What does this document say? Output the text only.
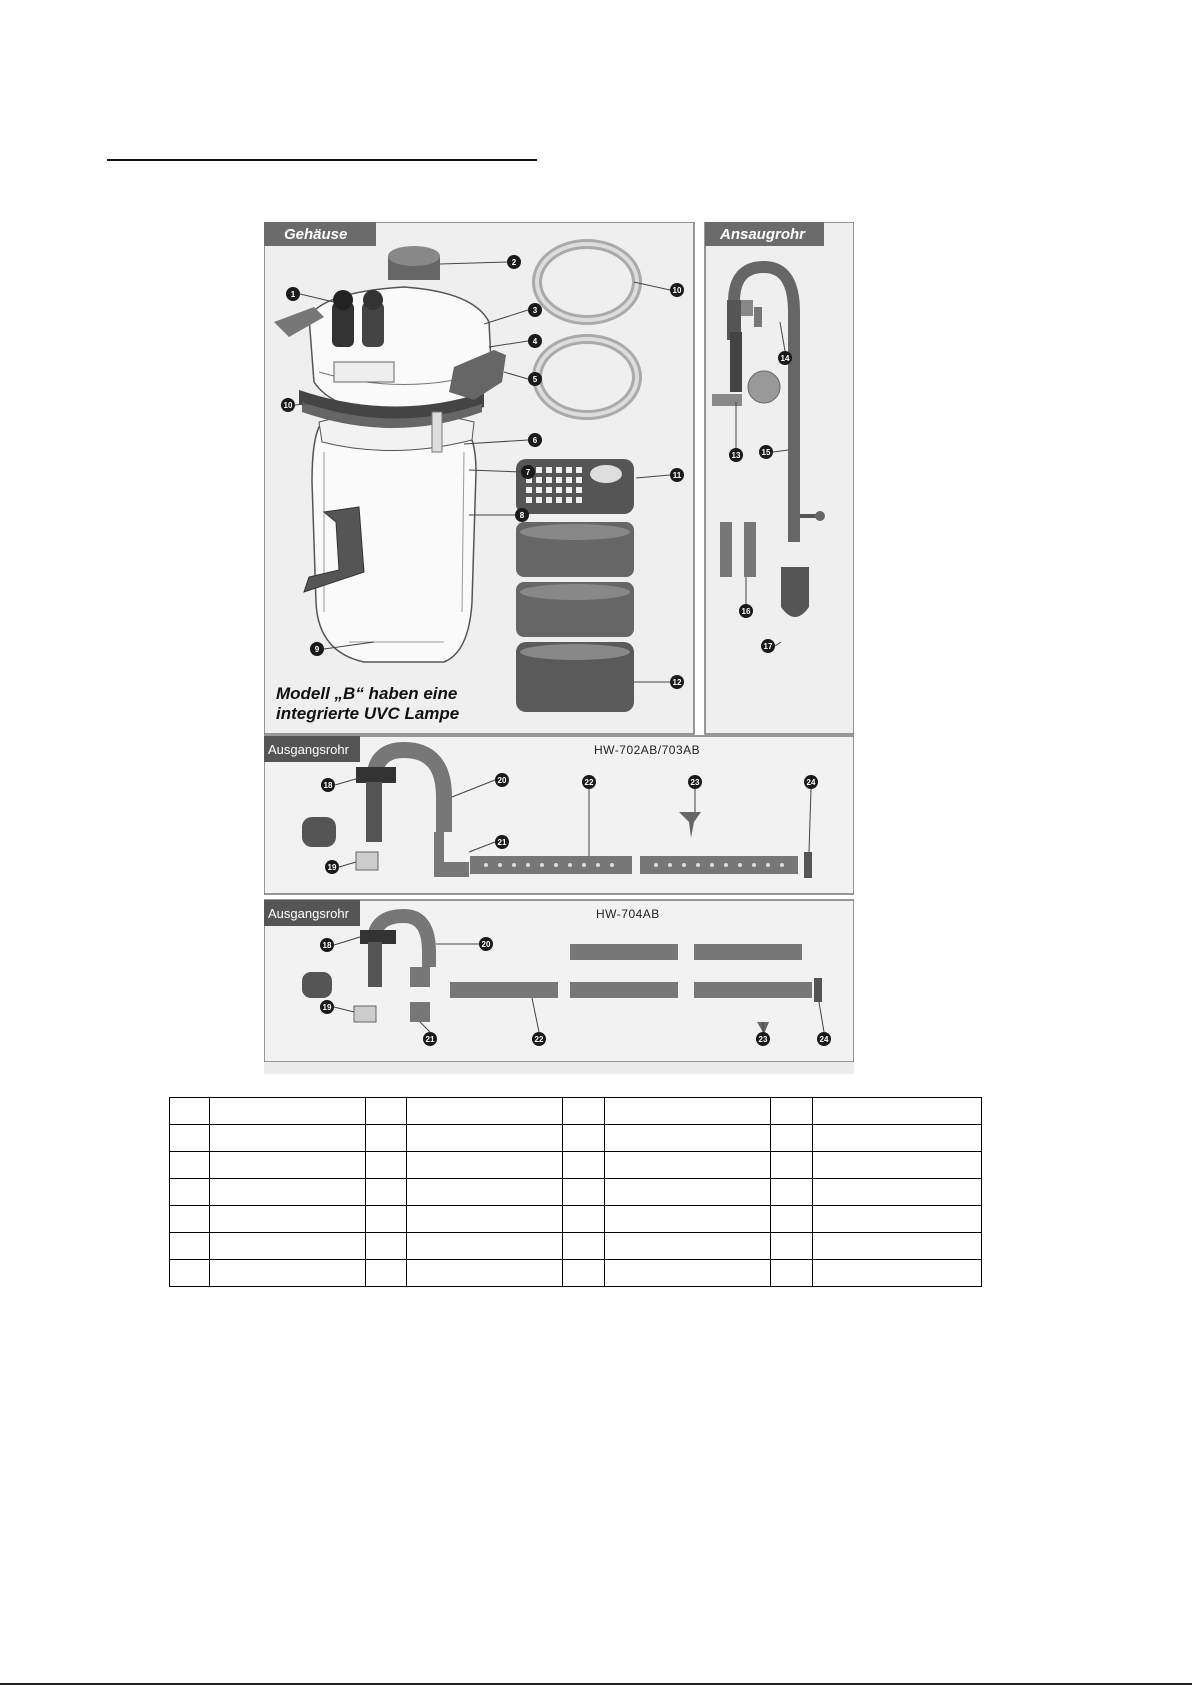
Gehäuse	Ansaugrohr
Ausgangsrohr
Ausgangsrohr
HW-702AB/703AB
HW-704AB
Modell „B“ haben eine
integrierte UVC Lampe
1
2
3
4
5
6
7
8
9
10
10
11
12
13
14
15
16
17
18
19
20
21
22	23	24
18
19
20
21	22	23	24
